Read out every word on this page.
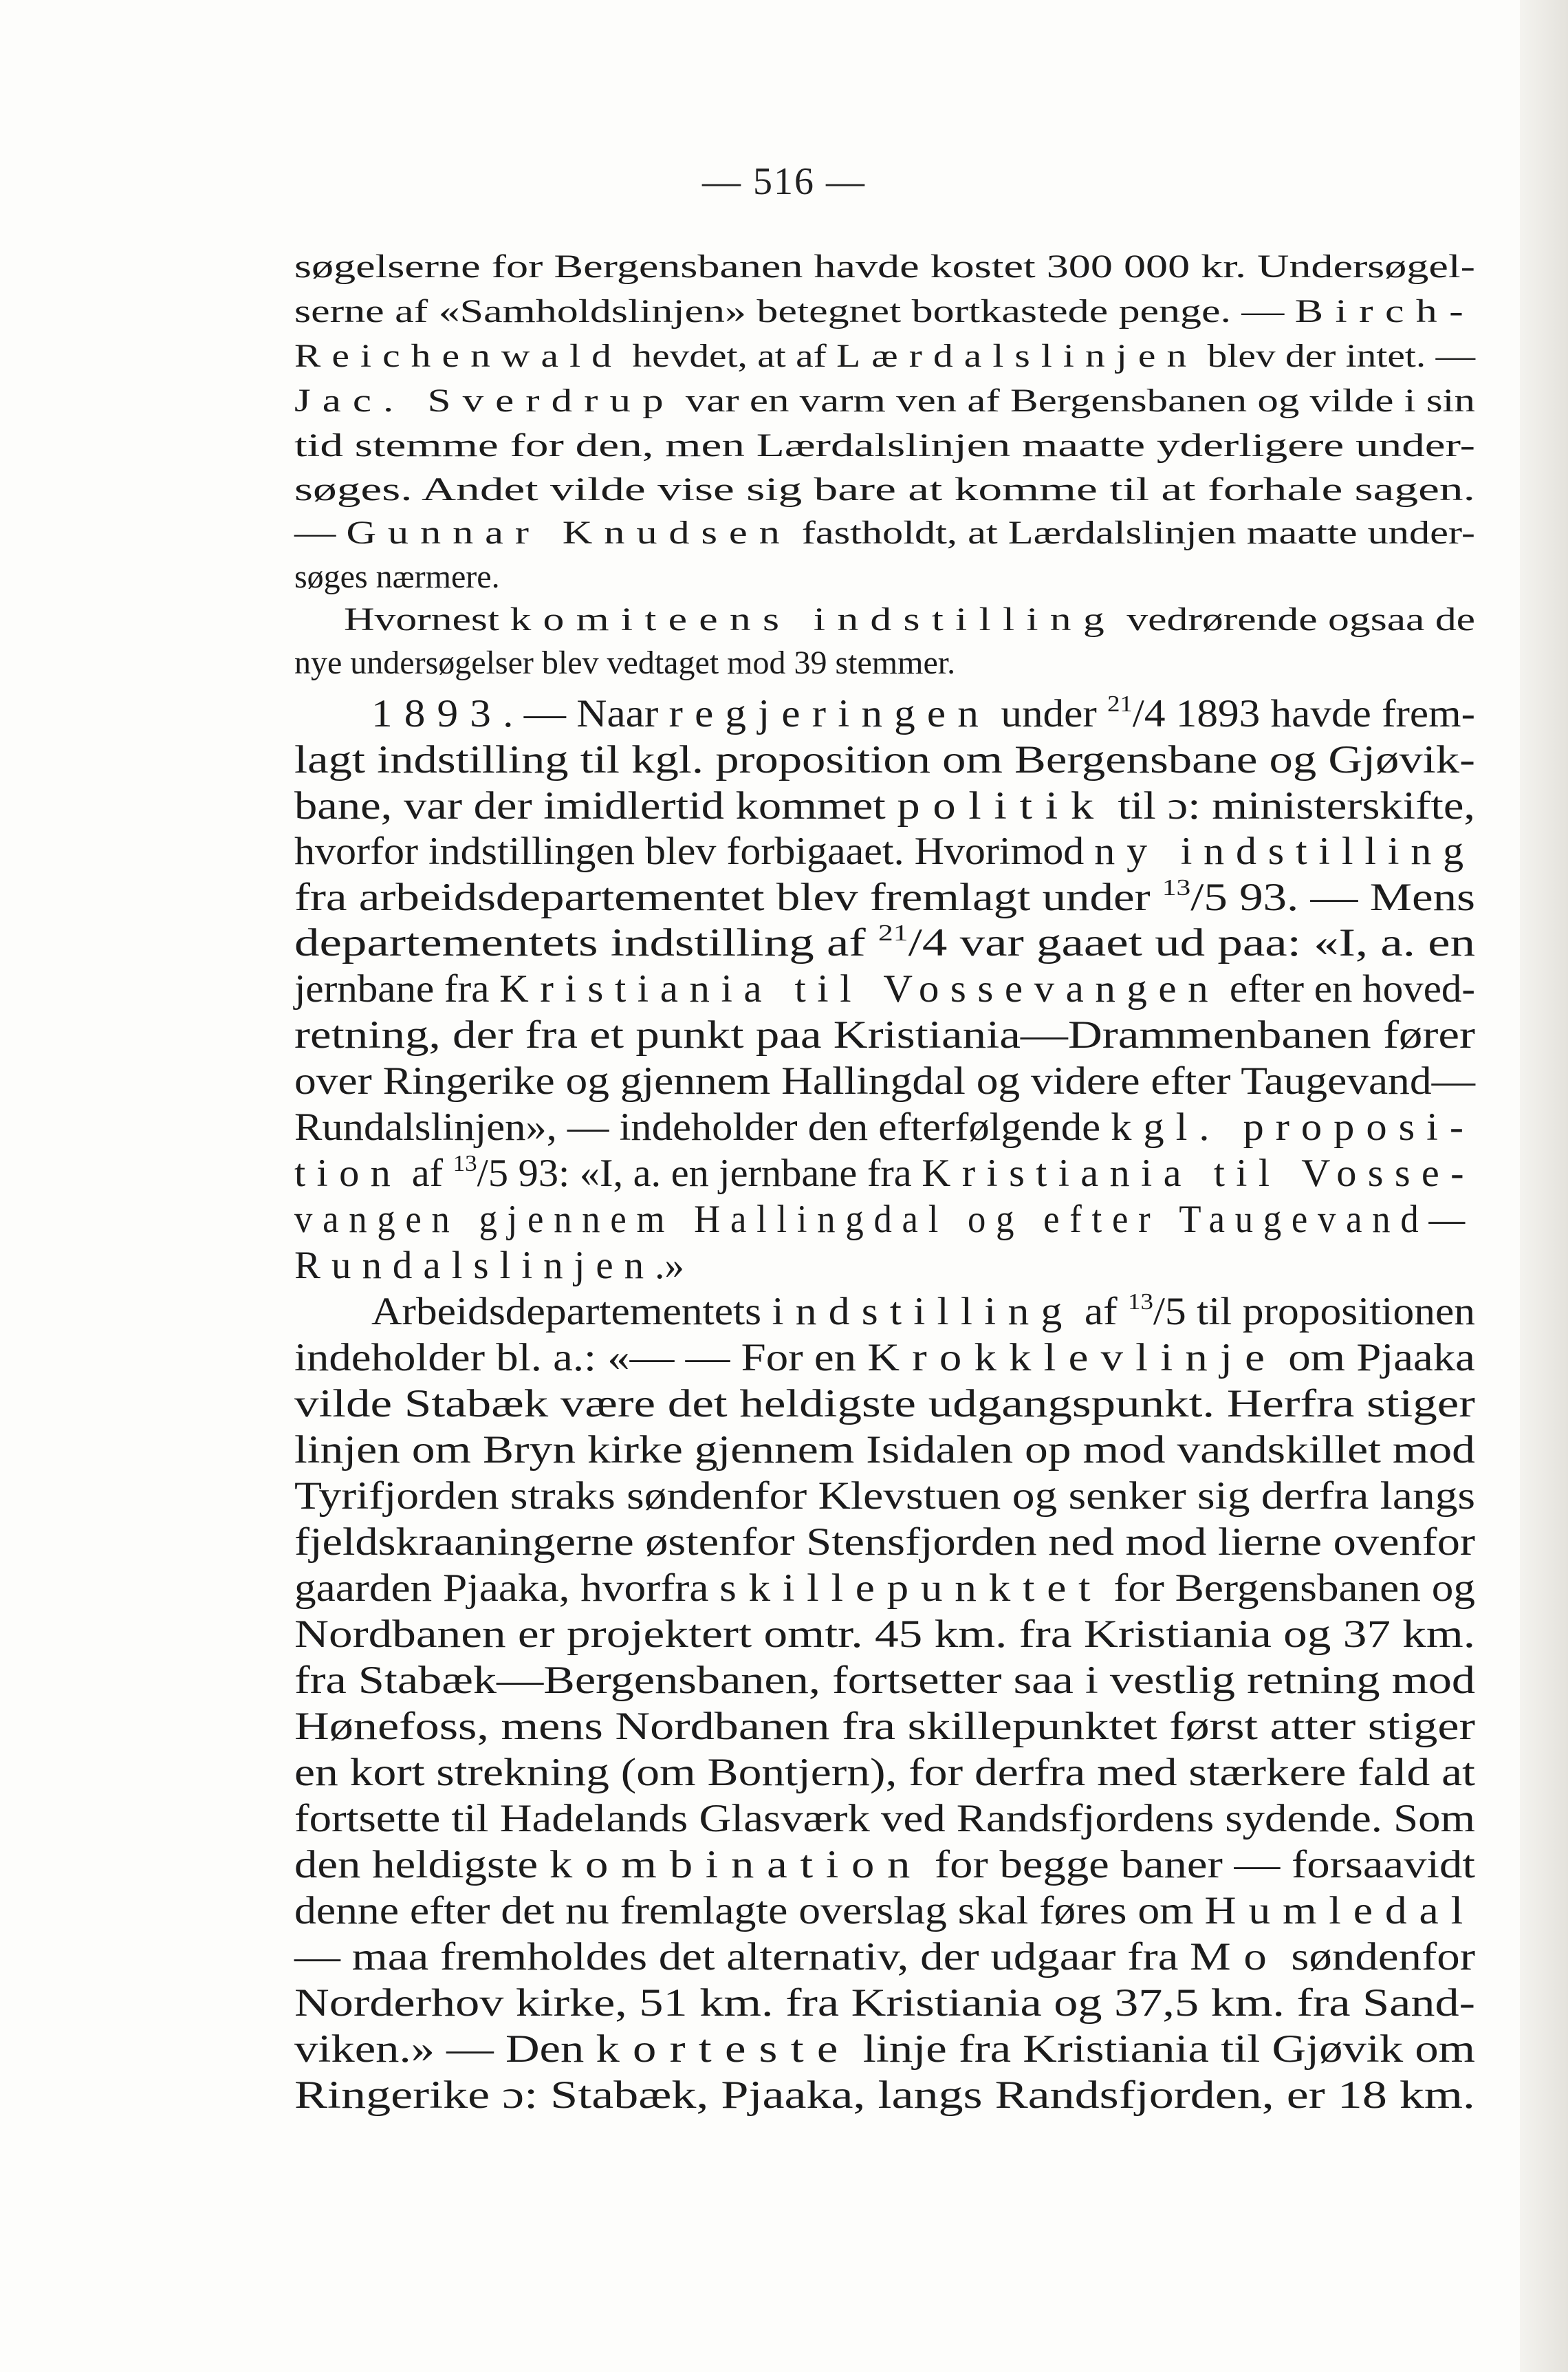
— 516 —
søgelserne for Bergensbanen havde kostet 300 000 kr. Undersøgel-
serne af «Samholdslinjen» betegnet bortkastede penge. — Birch-
Reichenwald hevdet, at af Lærdalslinjen blev der intet. —
Jac. Sverdrup var en varm ven af Bergensbanen og vilde i sin
tid stemme for den, men Lærdalslinjen maatte yderligere under-
søges. Andet vilde vise sig bare at komme til at forhale sagen.
— Gunnar Knudsen fastholdt, at Lærdalslinjen maatte under-
søges nærmere.
Hvornest komiteens indstilling vedrørende ogsaa de
nye undersøgelser blev vedtaget mod 39 stemmer.
1893. — Naar regjeringen under $^{21}$/4 1893 havde frem-
lagt indstilling til kgl. proposition om Bergensbane og Gjøvik-
bane, var der imidlertid kommet politik til ɔ: ministerskifte,
hvorfor indstillingen blev forbigaaet. Hvorimod ny indstilling
fra arbeidsdepartementet blev fremlagt under $^{13}$/5 93. — Mens
departementets indstilling af $^{21}$/4 var gaaet ud paa: «I, a. en
jernbane fra Kristiania til Vossevangen efter en hoved-
retning, der fra et punkt paa Kristiania—Drammenbanen fører
over Ringerike og gjennem Hallingdal og videre efter Taugevand—
Rundalslinjen», — indeholder den efterfølgende kgl. proposi-
tion af $^{13}$/5 93: «I, a. en jernbane fra Kristiania til Vosse-
vangen gjennem Hallingdal og efter Taugevand—
Rundalslinjen.»
Arbeidsdepartementets indstilling af $^{13}$/5 til propositionen
indeholder bl. a.: «— — For en Krokklevlinje om Pjaaka
vilde Stabæk være det heldigste udgangspunkt. Herfra stiger
linjen om Bryn kirke gjennem Isidalen op mod vandskillet mod
Tyrifjorden straks søndenfor Klevstuen og senker sig derfra langs
fjeldskraaningerne østenfor Stensfjorden ned mod lierne ovenfor
gaarden Pjaaka, hvorfra skillepunktet for Bergensbanen og
Nordbanen er projektert omtr. 45 km. fra Kristiania og 37 km.
fra Stabæk—Bergensbanen, fortsetter saa i vestlig retning mod
Hønefoss, mens Nordbanen fra skillepunktet først atter stiger
en kort strekning (om Bontjern), for derfra med stærkere fald at
fortsette til Hadelands Glasværk ved Randsfjordens sydende. Som
den heldigste kombination for begge baner — forsaavidt
denne efter det nu fremlagte overslag skal føres om Humledal
— maa fremholdes det alternativ, der udgaar fra Mo søndenfor
Norderhov kirke, 51 km. fra Kristiania og 37,5 km. fra Sand-
viken.» — Den korteste linje fra Kristiania til Gjøvik om
Ringerike ɔ: Stabæk, Pjaaka, langs Randsfjorden, er 18 km.
